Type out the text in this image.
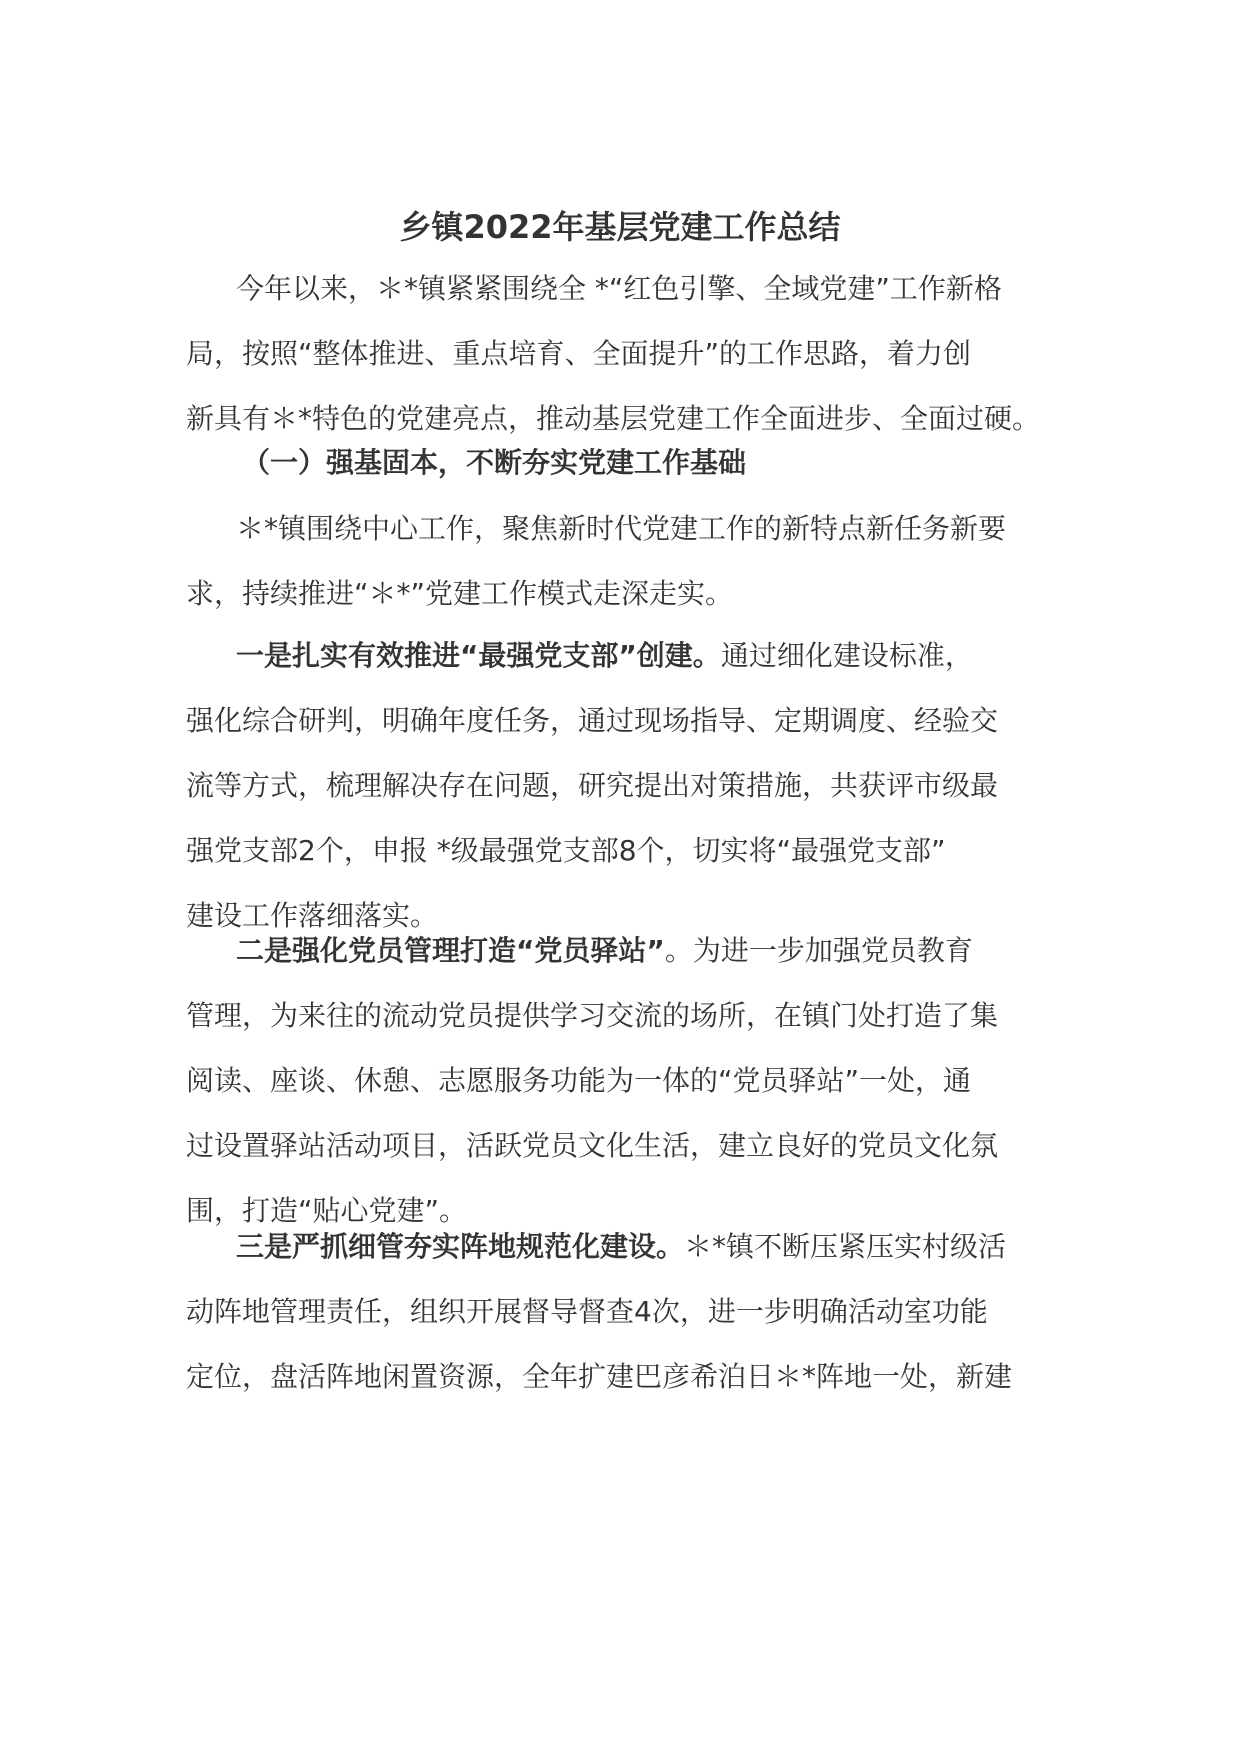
乡镇2022年基层党建工作总结
今年以来，＊*镇紧紧围绕全 *“红色引擎、全域党建”工作新格
局，按照“整体推进、重点培育、全面提升”的工作思路，着力创
新具有＊*特色的党建亮点，推动基层党建工作全面进步、全面过硬。
（一）强基固本，不断夯实党建工作基础
＊*镇围绕中心工作，聚焦新时代党建工作的新特点新任务新要
求，持续推进“＊*”党建工作模式走深走实。
一是扎实有效推进“最强党支部”创建。通过细化建设标准，
强化综合研判，明确年度任务，通过现场指导、定期调度、经验交
流等方式，梳理解决存在问题，研究提出对策措施，共获评市级最
强党支部2个，申报 *级最强党支部8个，切实将“最强党支部”
建设工作落细落实。
二是强化党员管理打造“党员驿站”。为进一步加强党员教育
管理，为来往的流动党员提供学习交流的场所，在镇门处打造了集
阅读、座谈、休憩、志愿服务功能为一体的“党员驿站”一处，通
过设置驿站活动项目，活跃党员文化生活，建立良好的党员文化氛
围，打造“贴心党建”。
三是严抓细管夯实阵地规范化建设。＊*镇不断压紧压实村级活
动阵地管理责任，组织开展督导督查4次，进一步明确活动室功能
定位，盘活阵地闲置资源，全年扩建巴彦希泊日＊*阵地一处，新建
